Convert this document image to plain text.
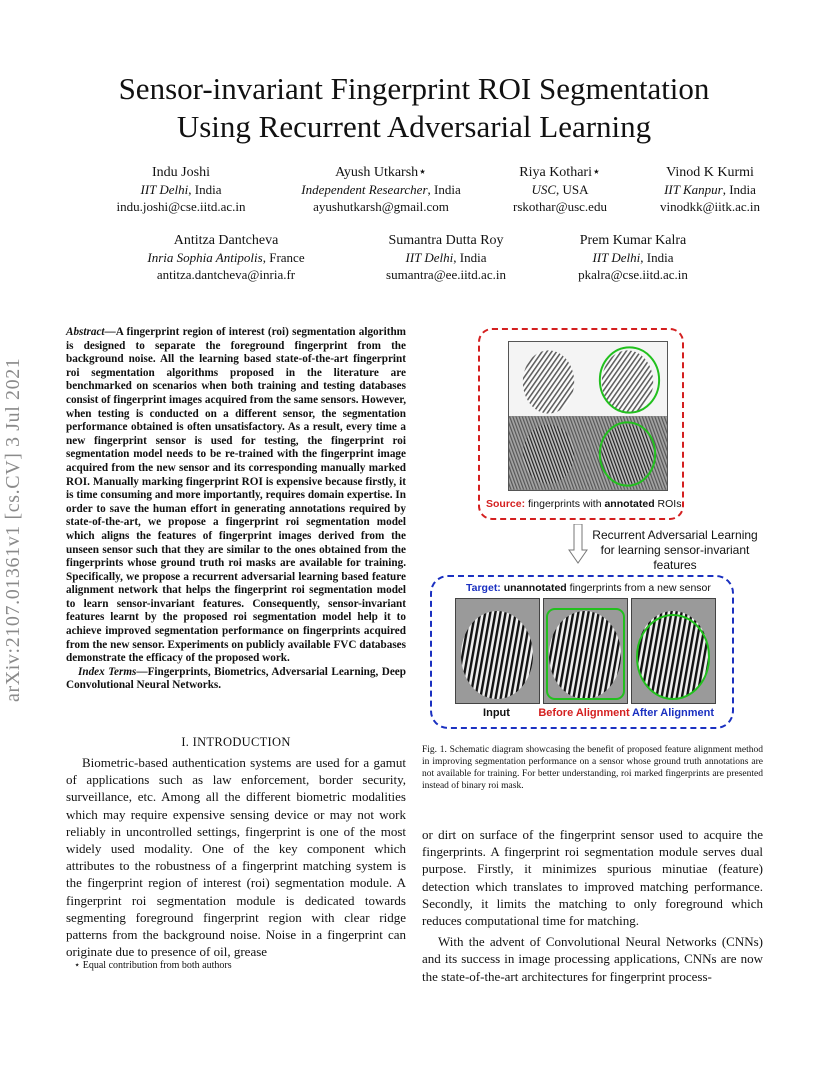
arXiv:2107.01361v1 [cs.CV] 3 Jul 2021
Sensor-invariant Fingerprint ROI Segmentation
Using Recurrent Adversarial Learning
Indu Joshi
IIT Delhi, India
indu.joshi@cse.iitd.ac.in
Ayush Utkarsh⋆
Independent Researcher, India
ayushutkarsh@gmail.com
Riya Kothari⋆
USC, USA
rskothar@usc.edu
Vinod K Kurmi
IIT Kanpur, India
vinodkk@iitk.ac.in
Antitza Dantcheva
Inria Sophia Antipolis, France
antitza.dantcheva@inria.fr
Sumantra Dutta Roy
IIT Delhi, India
sumantra@ee.iitd.ac.in
Prem Kumar Kalra
IIT Delhi, India
pkalra@cse.iitd.ac.in
Abstract—A fingerprint region of interest (roi) segmentation algorithm is designed to separate the foreground fingerprint from the background noise. All the learning based state-of-the-art fingerprint roi segmentation algorithms proposed in the literature are benchmarked on scenarios when both training and testing databases consist of fingerprint images acquired from the same sensors. However, when testing is conducted on a different sensor, the segmentation performance obtained is often unsatisfactory. As a result, every time a new fingerprint sensor is used for testing, the fingerprint roi segmentation model needs to be re-trained with the fingerprint image acquired from the new sensor and its corresponding manually marked ROI. Manually marking fingerprint ROI is expensive because firstly, it is time consuming and more importantly, requires domain expertise. In order to save the human effort in generating annotations required by state-of-the-art, we propose a fingerprint roi segmentation model which aligns the features of fingerprint images derived from the unseen sensor such that they are similar to the ones obtained from the fingerprints whose ground truth roi masks are available for training. Specifically, we propose a recurrent adversarial learning based feature alignment network that helps the fingerprint roi segmentation model to learn sensor-invariant features. Consequently, sensor-invariant features learnt by the proposed roi segmentation model help it to achieve improved segmentation performance on fingerprints acquired from the new sensor. Experiments on publicly available FVC databases demonstrate the efficacy of the proposed work.
Index Terms—Fingerprints, Biometrics, Adversarial Learning, Deep Convolutional Neural Networks.
I. INTRODUCTION
Biometric-based authentication systems are used for a gamut of applications such as law enforcement, border security, surveillance, etc. Among all the different biometric modalities which may require expensive sensing device or may not work reliably in uncontrolled settings, fingerprint is one of the most widely used modality. One of the key component which attributes to the robustness of a fingerprint matching system is the fingerprint region of interest (roi) segmentation module. A fingerprint roi segmentation module is dedicated towards segmenting foreground fingerprint region with clear ridge patterns from the background noise. Noise in a fingerprint can originate due to presence of oil, grease
⋆ Equal contribution from both authors
Source: fingerprints with annotated ROIs
Recurrent Adversarial Learning for learning sensor-invariant features
Target: unannotated fingerprints from a new sensor
Input	Before Alignment After Alignment
Fig. 1. Schematic diagram showcasing the benefit of proposed feature alignment method in improving segmentation performance on a sensor whose ground truth annotations are not available for training. For better understanding, roi marked fingerprints are presented instead of binary roi mask.

or dirt on surface of the fingerprint sensor used to acquire the fingerprints. A fingerprint roi segmentation module serves dual purpose. Firstly, it minimizes spurious minutiae (feature) detection which translates to improved matching performance. Secondly, it limits the matching to only foreground which reduces computational time for matching.

With the advent of Convolutional Neural Networks (CNNs) and its success in image processing applications, CNNs are now the state-of-the-art architectures for fingerprint process-
